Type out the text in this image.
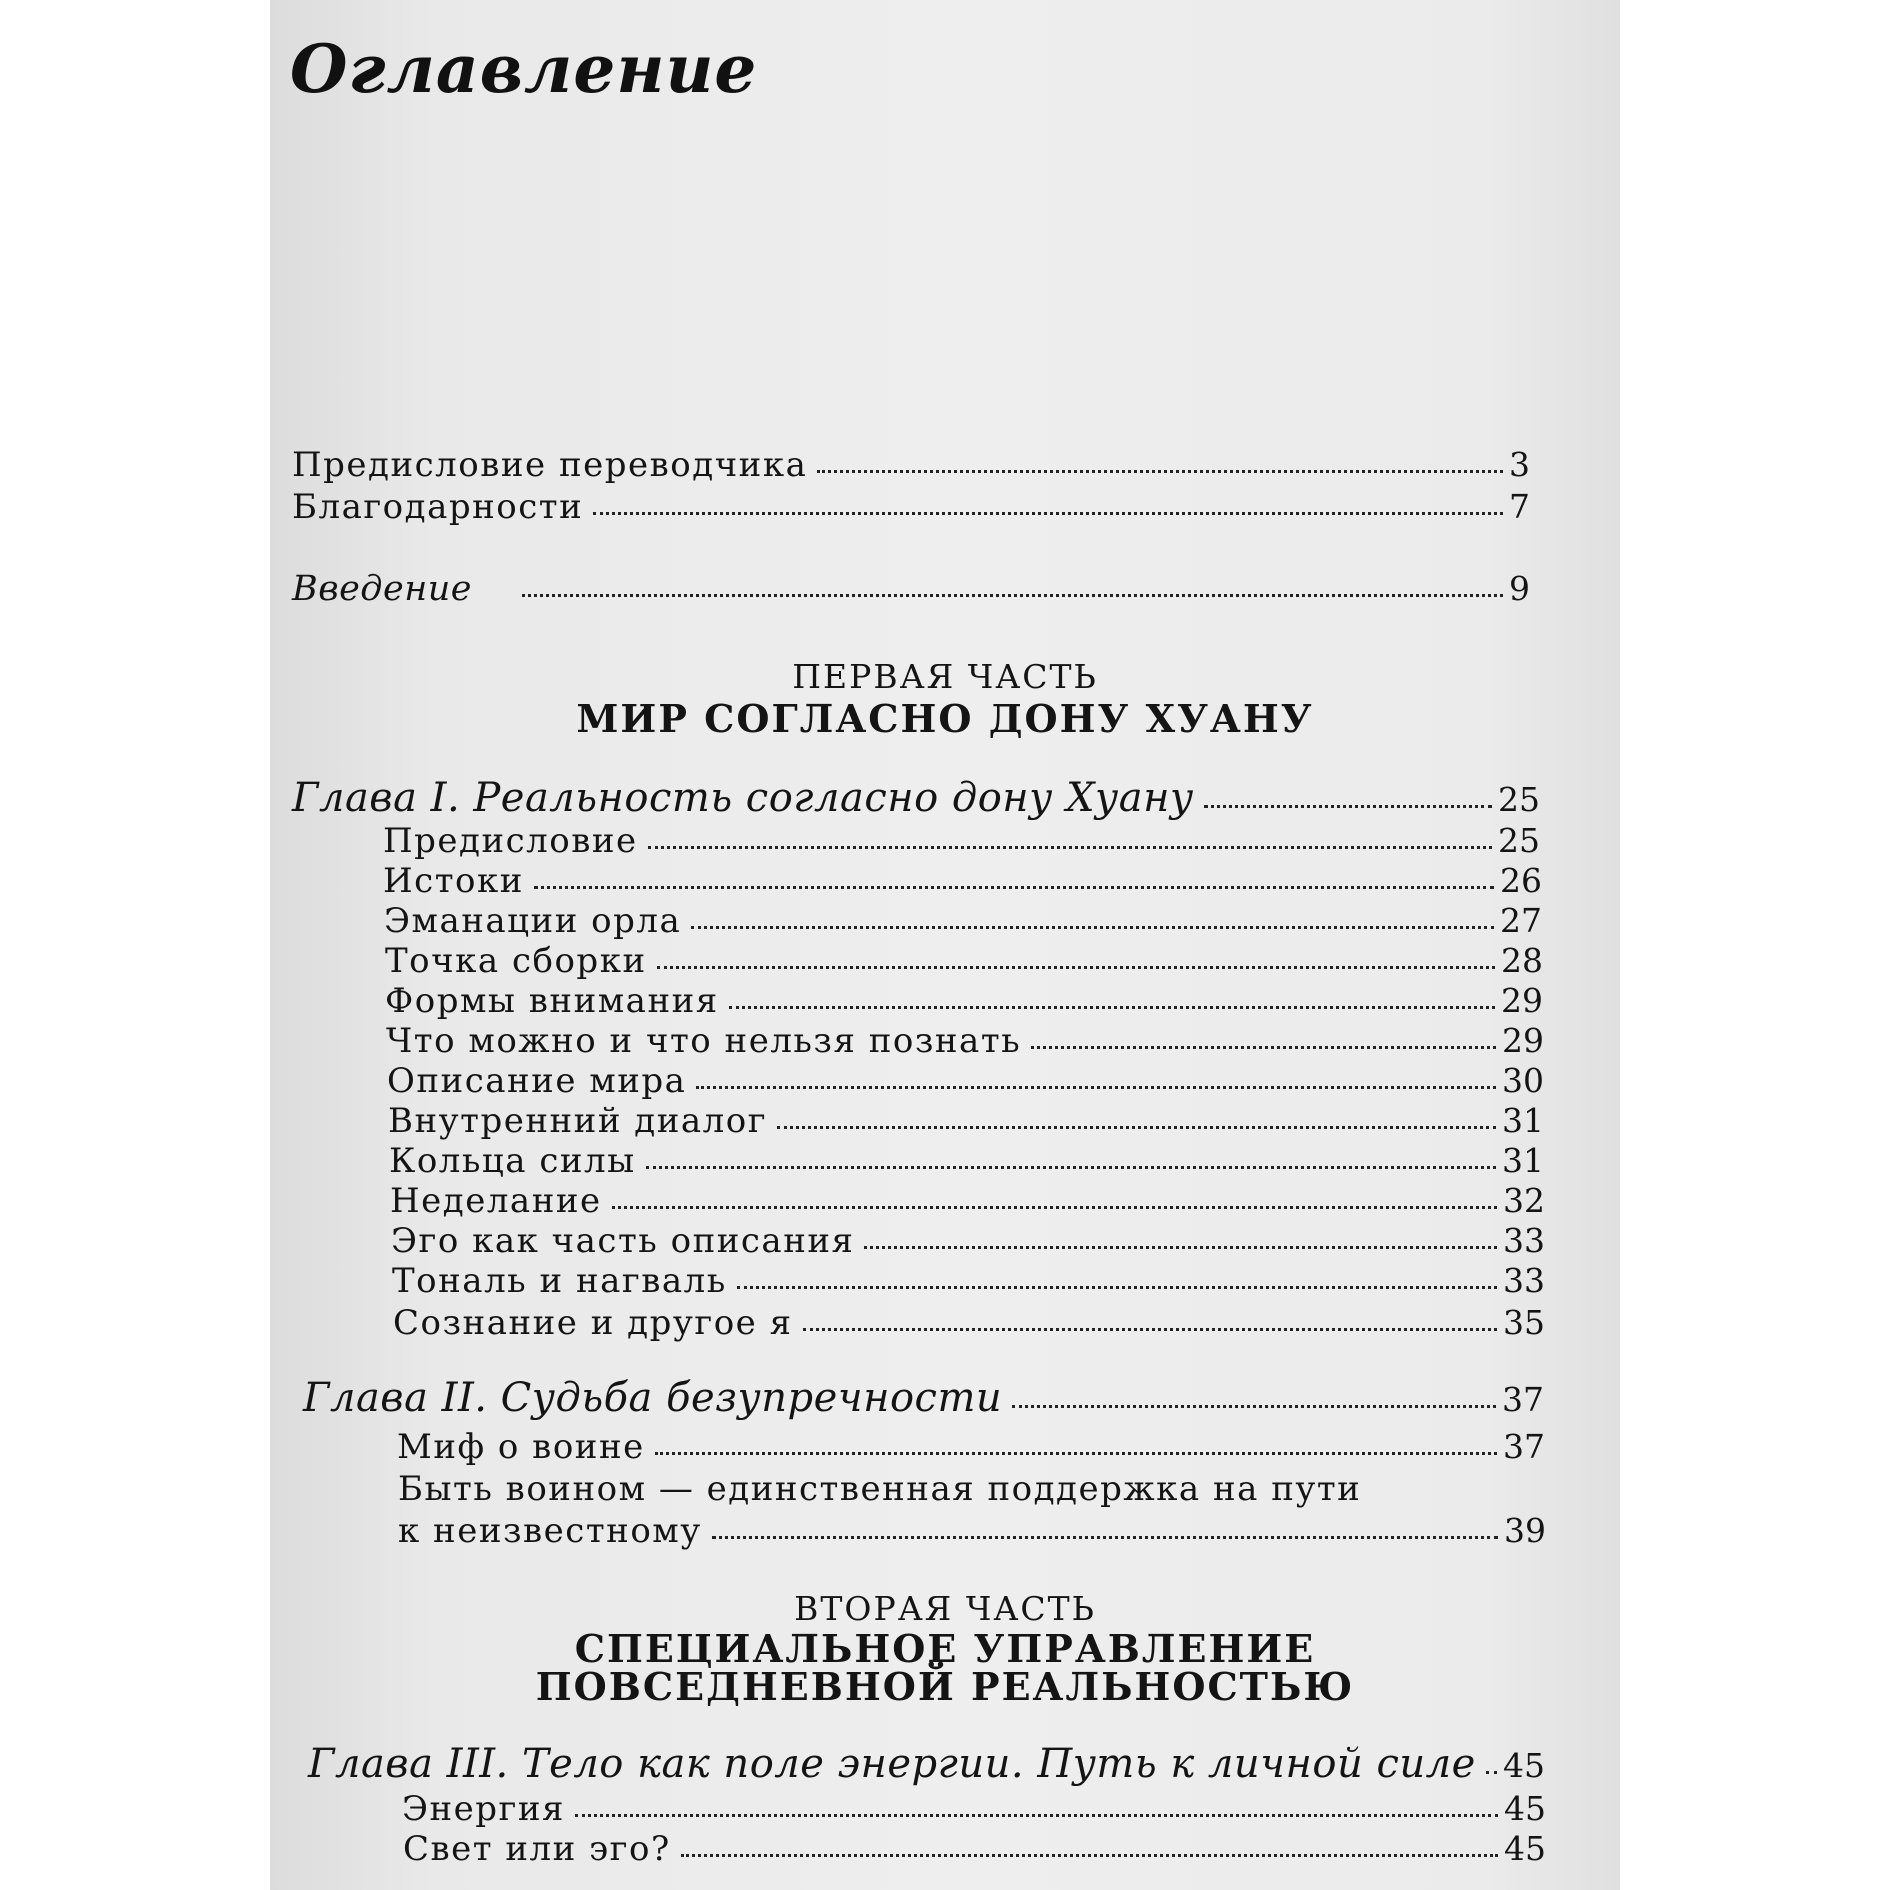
Оглавление
Предисловие переводчика	3
Благодарности	7
Введение	9
ПЕРВАЯ ЧАСТЬ
МИР СОГЛАСНО ДОНУ ХУАНУ
Глава I. Реальность согласно дону Хуану	25
Предисловие	25
Истоки	26
Эманации орла	27
Точка сборки	28
Формы внимания	29
Что можно и что нельзя познать	29
Описание мира	30
Внутренний диалог	31
Кольца силы	31
Неделание	32
Эго как часть описания	33
Тональ и нагваль	33
Сознание и другое я	35
Глава II. Судьба безупречности	37
Миф о воине	37
Быть воином — единственная поддержка на пути
к неизвестному	39
ВТОРАЯ ЧАСТЬ
СПЕЦИАЛЬНОЕ УПРАВЛЕНИЕ
ПОВСЕДНЕВНОЙ РЕАЛЬНОСТЬЮ
Глава III. Тело как поле энергии. Путь к личной силе 45
Энергия	45
Свет или эго?	45
